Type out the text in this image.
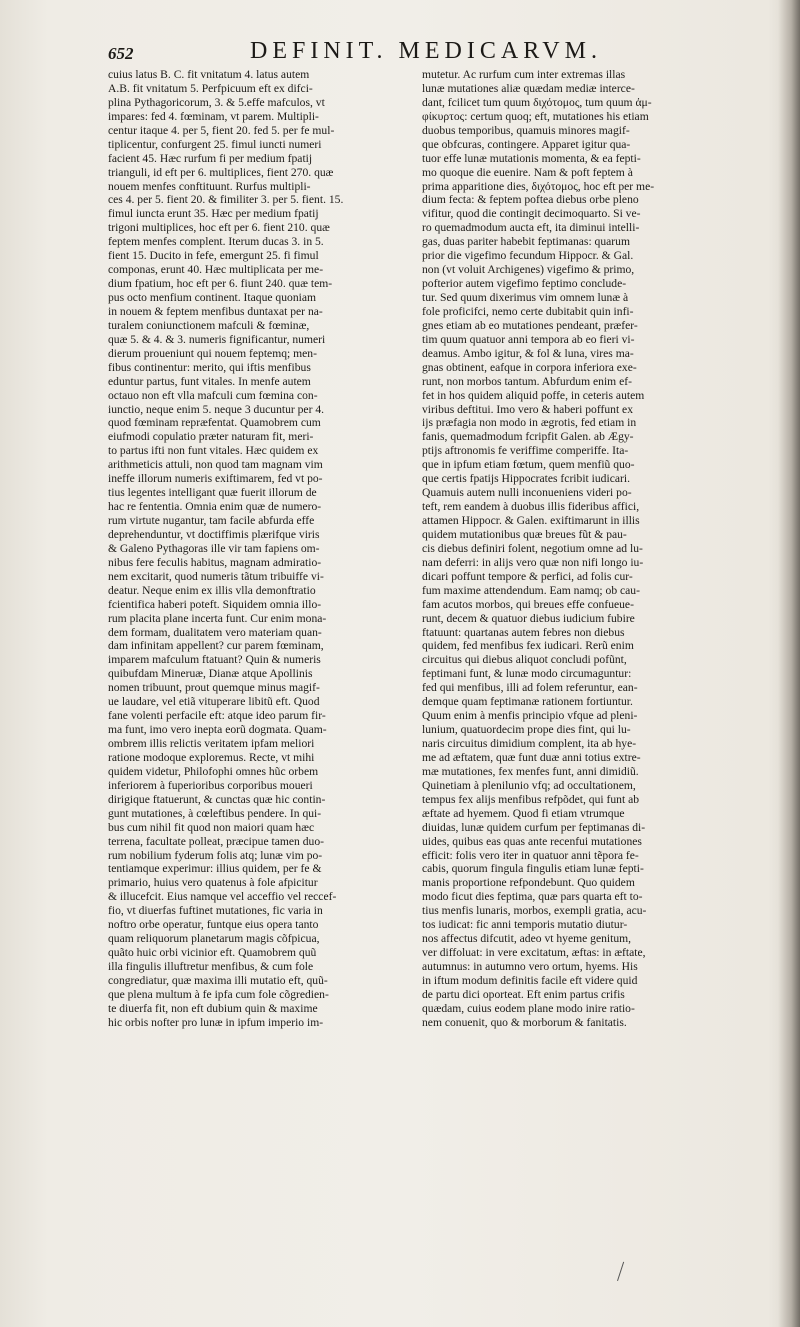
652	DEFINIT. MEDICARVM.
cuius latus B. C. fit vnitatum 4. latus autem
A.B. fit vnitatum 5. Perfpicuum eft ex difci-
plina Pythagoricorum, 3. & 5.effe mafculos, vt
impares: fed 4. fœminam, vt parem. Multipli-
centur itaque 4. per 5, fient 20. fed 5. per fe mul-
tiplicentur, confurgent 25. fimul iuncti numeri
facient 45. Hæc rurfum fi per medium fpatij
trianguli, id eft per 6. multiplices, fient 270. quæ
nouem menfes conftituunt. Rurfus multipli-
ces 4. per 5. fient 20. & fimiliter 3. per 5. fient. 15.
fimul iuncta erunt 35. Hæc per medium fpatij
trigoni multiplices, hoc eft per 6. fient 210. quæ
feptem menfes complent. Iterum ducas 3. in 5.
fient 15. Ducito in fefe, emergunt 25. fi fimul
componas, erunt 40. Hæc multiplicata per me-
dium fpatium, hoc eft per 6. fiunt 240. quæ tem-
pus octo menfium continent. Itaque quoniam
in nouem & feptem menfibus duntaxat per na-
turalem coniunctionem mafculi & fœminæ,
quæ 5. & 4. & 3. numeris fignificantur, numeri
dierum proueniunt qui nouem feptemq; men-
fibus continentur: merito, qui iftis menfibus
eduntur partus, funt vitales. In menfe autem
octauo non eft vlla mafculi cum fœmina con-
iunctio, neque enim 5. neque 3 ducuntur per 4.
quod fœminam repræfentat. Quamobrem cum
eiufmodi copulatio præter naturam fit, meri-
to partus ifti non funt vitales. Hæc quidem ex
arithmeticis attuli, non quod tam magnam vim
ineffe illorum numeris exiftimarem, fed vt po-
tius legentes intelligant quæ fuerit illorum de
hac re fententia. Omnia enim quæ de numero-
rum virtute nugantur, tam facile abfurda effe
deprehenduntur, vt doctiffimis plærifque viris
& Galeno Pythagoras ille vir tam fapiens om-
nibus fere feculis habitus, magnam admiratio-
nem excitarit, quod numeris tãtum tribuiffe vi-
deatur. Neque enim ex illis vlla demonftratio
fcientifica haberi poteft. Siquidem omnia illo-
rum placita plane incerta funt. Cur enim mona-
dem formam, dualitatem vero materiam quan-
dam infinitam appellent? cur parem fœminam,
imparem mafculum ftatuant? Quin & numeris
quibufdam Mineruæ, Dianæ atque Apollinis
nomen tribuunt, prout quemque minus magif-
ue laudare, vel etiã vituperare libitũ eft. Quod
fane volenti perfacile eft: atque ideo parum fir-
ma funt, imo vero inepta eorũ dogmata. Quam-
ombrem illis relictis veritatem ipfam meliori
ratione modoque exploremus. Recte, vt mihi
quidem videtur, Philofophi omnes hũc orbem
inferiorem à fuperioribus corporibus moueri
dirigique ftatuerunt, & cunctas quæ hic contin-
gunt mutationes, à cœleftibus pendere. In qui-
bus cum nihil fit quod non maiori quam hæc
terrena, facultate polleat, præcipue tamen duo-
rum nobilium fyderum folis atq; lunæ vim po-
tentiamque experimur: illius quidem, per fe &
primario, huius vero quatenus à fole afpicitur
& illucefcit. Eius namque vel acceffio vel reccef-
fio, vt diuerfas fuftinet mutationes, fic varia in
noftro orbe operatur, funtque eius opera tanto
quam reliquorum planetarum magis cõfpicua,
quãto huic orbi vicinior eft. Quamobrem quũ
illa fingulis illuftretur menfibus, & cum fole
congrediatur, quæ maxima illi mutatio eft, quũ-
que plena multum à fe ipfa cum fole cõgredien-
te diuerfa fit, non eft dubium quin & maxime
hic orbis nofter pro lunæ in ipfum imperio im-
mutetur. Ac rurfum cum inter extremas illas
lunæ mutationes aliæ quædam mediæ interce-
dant, fcilicet tum quum διχότομος, tum quum ἀμ-
φίκυρτος: certum quoq; eft, mutationes his etiam
duobus temporibus, quamuis minores magif-
que obfcuras, contingere. Apparet igitur qua-
tuor effe lunæ mutationis momenta, & ea fepti-
mo quoque die euenire. Nam & poft feptem à
prima apparitione dies, διχότομος, hoc eft per me-
dium fecta: & feptem poftea diebus orbe pleno
vifitur, quod die contingit decimoquarto. Si ve-
ro quemadmodum aucta eft, ita diminui intelli-
gas, duas pariter habebit feptimanas: quarum
prior die vigefimo fecundum Hippocr. & Gal.
non (vt voluit Archigenes) vigefimo & primo,
pofterior autem vigefimo feptimo conclude-
tur. Sed quum dixerimus vim omnem lunæ à
fole proficifci, nemo certe dubitabit quin infi-
gnes etiam ab eo mutationes pendeant, præfer-
tim quum quatuor anni tempora ab eo fieri vi-
deamus. Ambo igitur, & fol & luna, vires ma-
gnas obtinent, eafque in corpora inferiora exe-
runt, non morbos tantum. Abfurdum enim ef-
fet in hos quidem aliquid poffe, in ceteris autem
viribus deftitui. Imo vero & haberi poffunt ex
ijs præfagia non modo in ægrotis, fed etiam in
fanis, quemadmodum fcripfit Galen. ab Ægy-
ptijs aftronomis fe veriffime comperiffe. Ita-
que in ipfum etiam fœtum, quem menfiũ quo-
que certis fpatijs Hippocrates fcribit iudicari.
Quamuis autem nulli inconueniens videri po-
teft, rem eandem à duobus illis fideribus affici,
attamen Hippocr. & Galen. exiftimarunt in illis
quidem mutationibus quæ breues fũt & pau-
cis diebus definiri folent, negotium omne ad lu-
nam deferri: in alijs vero quæ non nifi longo iu-
dicari poffunt tempore & perfici, ad folis cur-
fum maxime attendendum. Eam namq; ob cau-
fam acutos morbos, qui breues effe confueue-
runt, decem & quatuor diebus iudicium fubire
ftatuunt: quartanas autem febres non diebus
quidem, fed menfibus fex iudicari. Rerũ enim
circuitus qui diebus aliquot concludi pofũnt,
feptimani funt, & lunæ modo circumaguntur:
fed qui menfibus, illi ad folem referuntur, ean-
demque quam feptimanæ rationem fortiuntur.
Quum enim à menfis principio vfque ad pleni-
lunium, quatuordecim prope dies fint, qui lu-
naris circuitus dimidium complent, ita ab hye-
me ad æftatem, quæ funt duæ anni totius extre-
mæ mutationes, fex menfes funt, anni dimidiũ.
Quinetiam à plenilunio vfq; ad occultationem,
tempus fex alijs menfibus refpõdet, qui funt ab
æftate ad hyemem. Quod fi etiam vtrumque
diuidas, lunæ quidem curfum per feptimanas di-
uides, quibus eas quas ante recenfui mutationes
efficit: folis vero iter in quatuor anni tẽpora fe-
cabis, quorum fingula fingulis etiam lunæ fepti-
manis proportione refpondebunt. Quo quidem
modo ficut dies feptima, quæ pars quarta eft to-
tius menfis lunaris, morbos, exempli gratia, acu-
tos iudicat: fic anni temporis mutatio diutur-
nos affectus difcutit, adeo vt hyeme genitum,
ver diffoluat: in vere excitatum, æftas: in æftate,
autumnus: in autumno vero ortum, hyems. His
in iftum modum definitis facile eft videre quid
de partu dici oporteat. Eft enim partus crifis
quædam, cuius eodem plane modo inire ratio-
nem conuenit, quo & morborum & fanitatis.
